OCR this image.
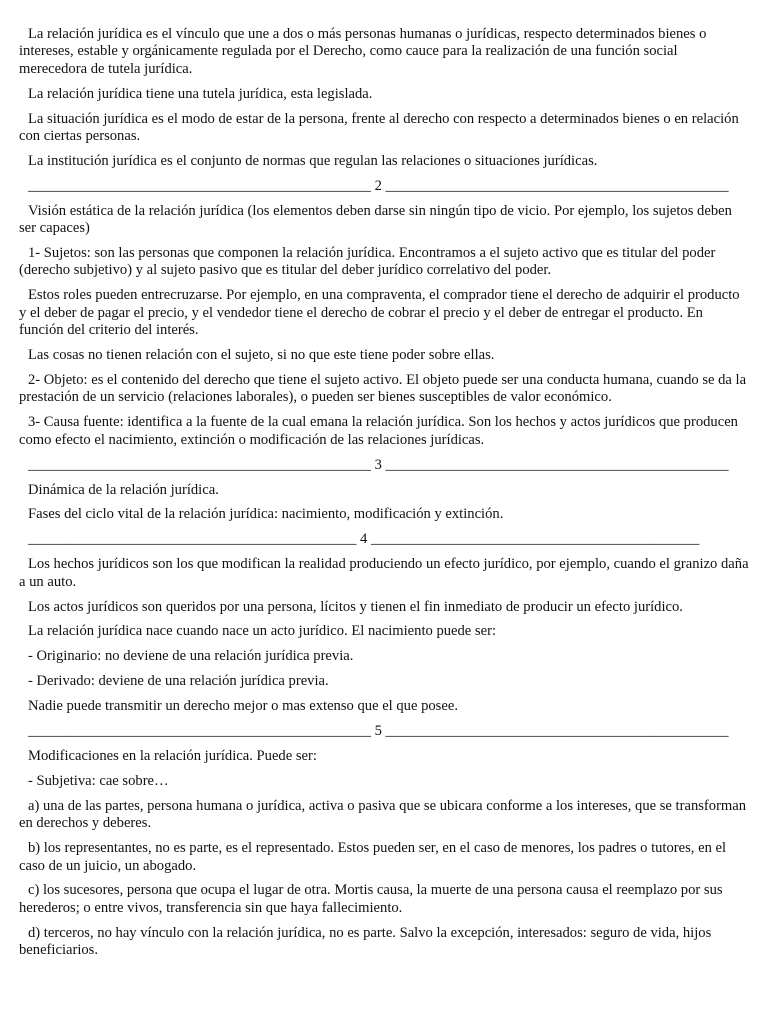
La relación jurídica es el vínculo que une a dos o más personas humanas o jurídicas, respecto determinados bienes o intereses, estable y orgánicamente regulada por el Derecho, como cauce para la realización de una función social merecedora de tutela jurídica.

La relación jurídica tiene una tutela jurídica, esta legislada.

La situación jurídica es el modo de estar de la persona, frente al derecho con respecto a determinados bienes o en relación con ciertas personas.

La institución jurídica es el conjunto de normas que regulan las relaciones o situaciones jurídicas.

_______________________________________________ 2 _______________________________________________

Visión estática de la relación jurídica (los elementos deben darse sin ningún tipo de vicio. Por ejemplo, los sujetos deben ser capaces)

1- Sujetos: son las personas que componen la relación jurídica. Encontramos a el sujeto activo que es titular del poder (derecho subjetivo) y al sujeto pasivo que es titular del deber jurídico correlativo del poder.

Estos roles pueden entrecruzarse. Por ejemplo, en una compraventa, el comprador tiene el derecho de adquirir el producto y el deber de pagar el precio, y el vendedor tiene el derecho de cobrar el precio y el deber de entregar el producto. En función del criterio del interés.

Las cosas no tienen relación con el sujeto, si no que este tiene poder sobre ellas.

2- Objeto: es el contenido del derecho que tiene el sujeto activo. El objeto puede ser una conducta humana, cuando se da la prestación de un servicio (relaciones laborales), o pueden ser bienes susceptibles de valor económico.

3- Causa fuente: identifica a la fuente de la cual emana la relación jurídica. Son los hechos y actos jurídicos que producen como efecto el nacimiento, extinción o modificación de las relaciones jurídicas.

_______________________________________________ 3 _______________________________________________

Dinámica de la relación jurídica.

Fases del ciclo vital de la relación jurídica: nacimiento, modificación y extinción.

_____________________________________________ 4 _____________________________________________

Los hechos jurídicos son los que modifican la realidad produciendo un efecto jurídico, por ejemplo, cuando el granizo daña a un auto.

Los actos jurídicos son queridos por una persona, lícitos y tienen el fin inmediato de producir un efecto jurídico.

La relación jurídica nace cuando nace un acto jurídico. El nacimiento puede ser:

- Originario: no deviene de una relación jurídica previa.

- Derivado: deviene de una relación jurídica previa.

Nadie puede transmitir un derecho mejor o mas extenso que el que posee.

_______________________________________________ 5 _______________________________________________

Modificaciones en la relación jurídica. Puede ser:

- Subjetiva: cae sobre…

a) una de las partes, persona humana o jurídica, activa o pasiva que se ubicara conforme a los intereses, que se transforman en derechos y deberes.

b) los representantes, no es parte, es el representado. Estos pueden ser, en el caso de menores, los padres o tutores, en el caso de un juicio, un abogado.

c) los sucesores, persona que ocupa el lugar de otra. Mortis causa, la muerte de una persona causa el reemplazo por sus herederos; o entre vivos, transferencia sin que haya fallecimiento.

d) terceros, no hay vínculo con la relación jurídica, no es parte. Salvo la excepción, interesados: seguro de vida, hijos beneficiarios.
